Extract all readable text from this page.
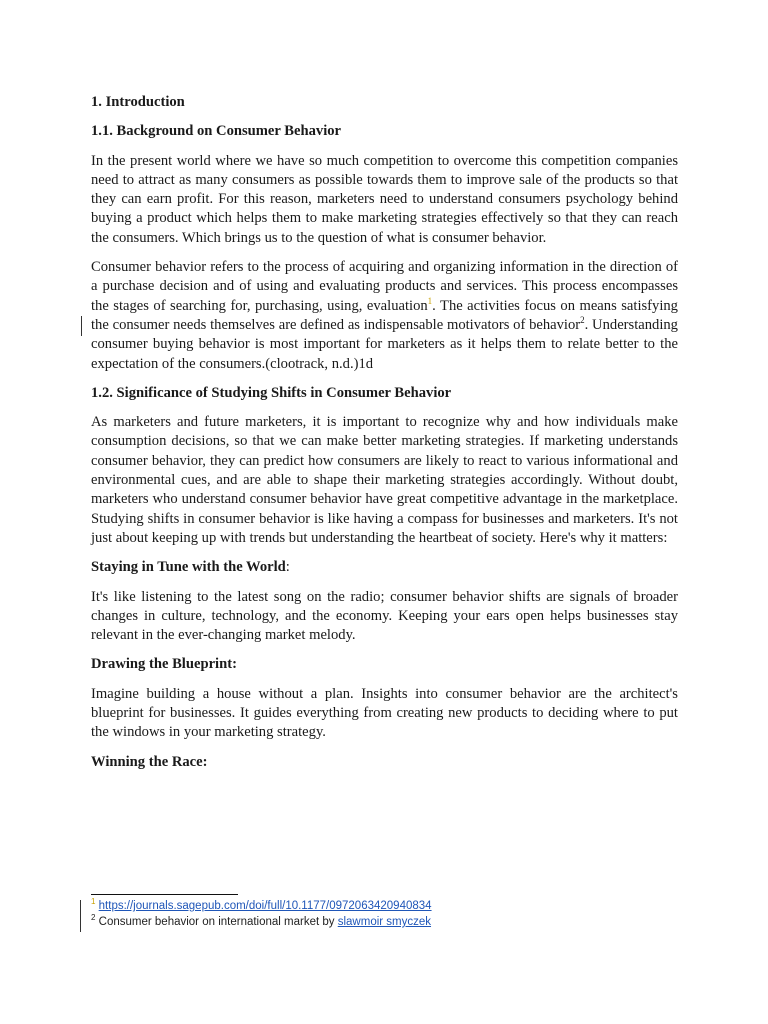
1. Introduction
1.1. Background on Consumer Behavior

In the present world where we have so much competition to overcome this competition companies need to attract as many consumers as possible towards them to improve sale of the products so that they can earn profit. For this reason, marketers need to understand consumers psychology behind buying a product which helps them to make marketing strategies effectively so that they can reach the consumers. Which brings us to the question of what is consumer behavior.

Consumer behavior refers to the process of acquiring and organizing information in the direction of a purchase decision and of using and evaluating products and services. This process encompasses the stages of searching for, purchasing, using, evaluation$^1$. The activities focus on means satisfying the consumer needs themselves are defined as indispensable motivators of behavior$^2$. Understanding consumer buying behavior is most important for marketers as it helps them to relate better to the expectation of the consumers.(clootrack, n.d.)1d

1.2. Significance of Studying Shifts in Consumer Behavior

As marketers and future marketers, it is important to recognize why and how individuals make consumption decisions, so that we can make better marketing strategies. If marketing understands consumer behavior, they can predict how consumers are likely to react to various informational and environmental cues, and are able to shape their marketing strategies accordingly. Without doubt, marketers who understand consumer behavior have great competitive advantage in the marketplace.

Studying shifts in consumer behavior is like having a compass for businesses and marketers. It's not just about keeping up with trends but understanding the heartbeat of society. Here's why it matters:

Staying in Tune with the World:

It's like listening to the latest song on the radio; consumer behavior shifts are signals of broader changes in culture, technology, and the economy. Keeping your ears open helps businesses stay relevant in the ever-changing market melody.

Drawing the Blueprint:

Imagine building a house without a plan. Insights into consumer behavior are the architect's blueprint for businesses. It guides everything from creating new products to deciding where to put the windows in your marketing strategy.

Winning the Race:
$^1$ https://journals.sagepub.com/doi/full/10.1177/0972063420940834
$^2$ Consumer behavior on international market by slawmoir smyczek
